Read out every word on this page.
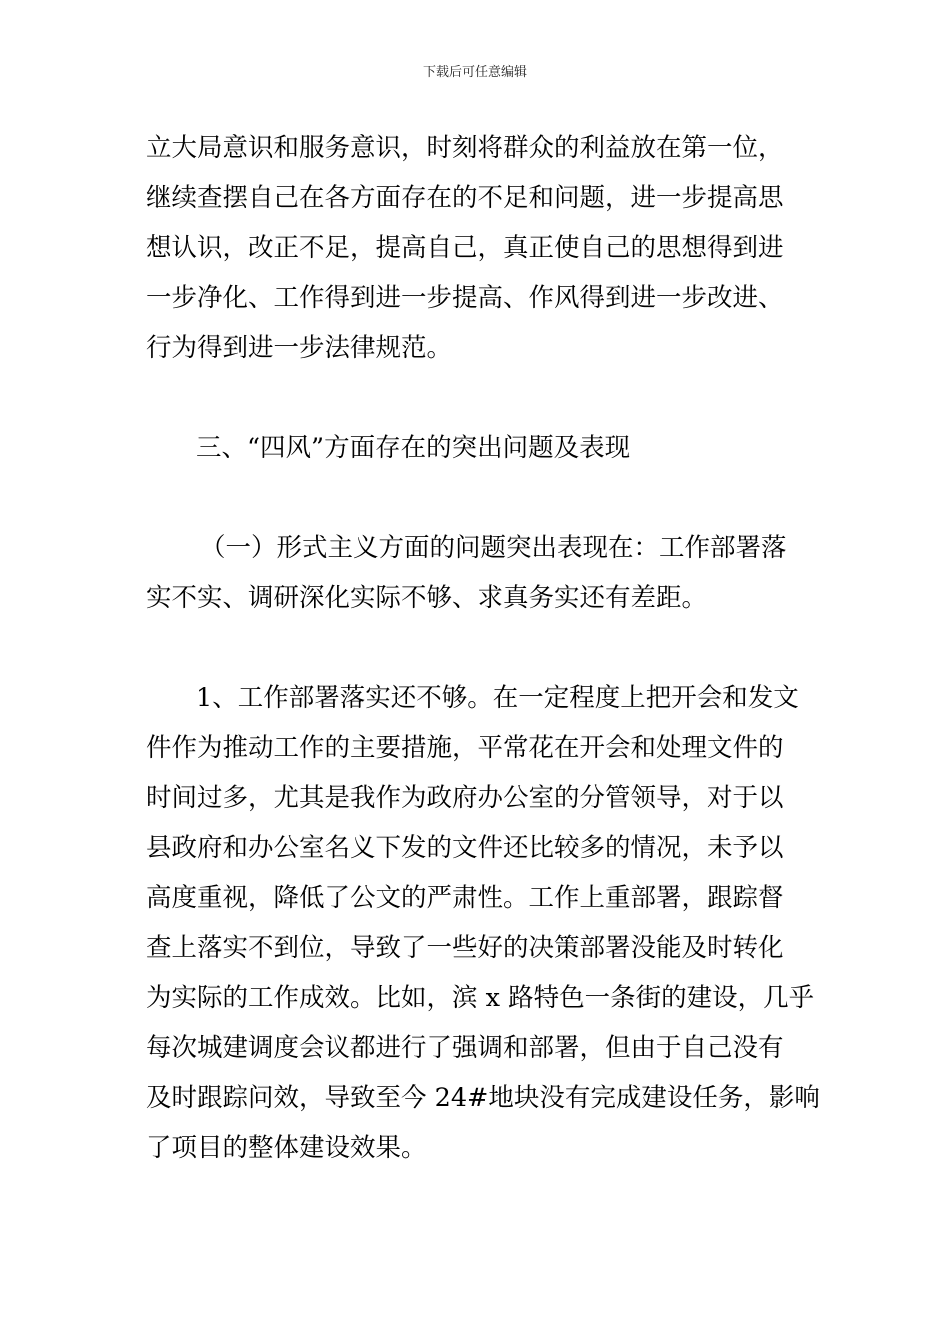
下载后可任意编辑
立大局意识和服务意识，时刻将群众的利益放在第一位，
继续查摆自己在各方面存在的不足和问题，进一步提高思
想认识，改正不足，提高自己，真正使自己的思想得到进
一步净化、工作得到进一步提高、作风得到进一步改进、
行为得到进一步法律规范。
三、“四风”方面存在的突出问题及表现
（一）形式主义方面的问题突出表现在：工作部署落
实不实、调研深化实际不够、求真务实还有差距。
1、工作部署落实还不够。在一定程度上把开会和发文
件作为推动工作的主要措施，平常花在开会和处理文件的
时间过多，尤其是我作为政府办公室的分管领导，对于以
县政府和办公室名义下发的文件还比较多的情况，未予以
高度重视，降低了公文的严肃性。工作上重部署，跟踪督
查上落实不到位，导致了一些好的决策部署没能及时转化
为实际的工作成效。比如，滨 x 路特色一条街的建设，几乎
每次城建调度会议都进行了强调和部署，但由于自己没有
及时跟踪问效，导致至今 24#地块没有完成建设任务，影响
了项目的整体建设效果。
